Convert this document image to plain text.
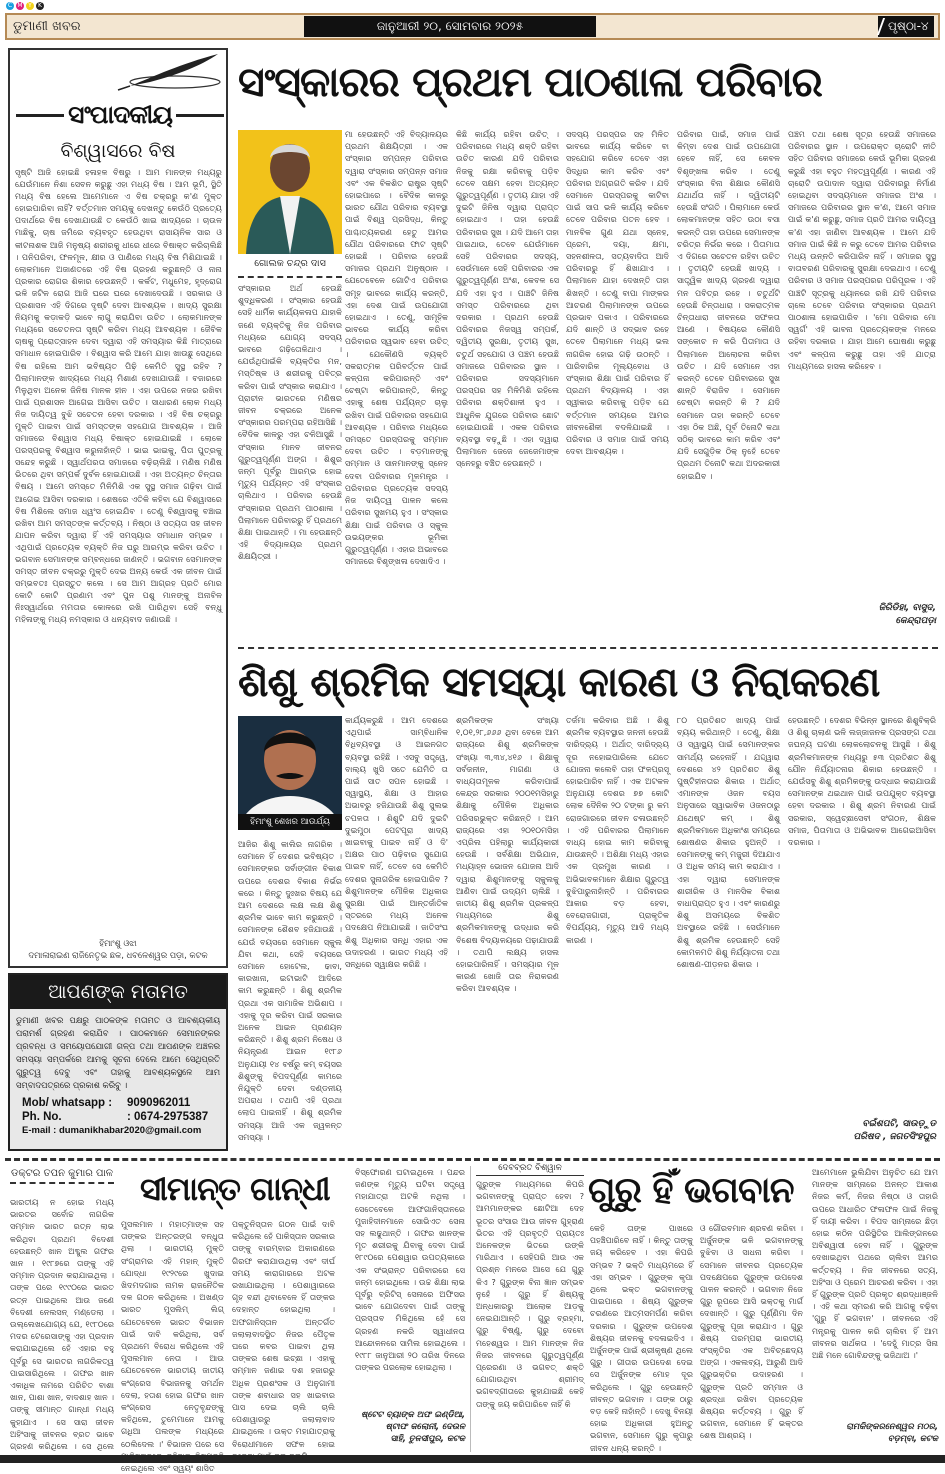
C M Y	K
ଡୁମାଣୀ ଖବର	ଜାନୁଆରୀ ୨୦, ସୋମବାର ୨୦୨୫	ପୃଷ୍ଠା-୪
ସଂପାଦକୀୟ
ବିଶ୍ୱାସରେ ବିଷ
ସୃଷ୍ଟି ଆଜି ହୋଇଛି ହଳାହଳ ବିଷରୁ । ଆମ ମାନଙ୍କ ମଧ୍ୟରୁ ଯେଉଁମାନେ ନିଶା ସେବନ କରୁଛୁ ଏହା ମଧ୍ୟ ବିଷ । ଆମ ଭୂମି, ସ୍ଥିତି ମଧ୍ୟ ବିଷ ହେଲେ ଆମେମାନେ ଏ ବିଷ ଚକ୍ରରୁ କ'ଣ ମୁକ୍ତ ହୋଇପାରିବା ନାହିଁ? ବର୍ତ୍ତମାନ ସମୟକୁ ଦେଖନ୍ତୁ କେଉଁଠି ପ୍ରତ୍ୟେ ପଦାର୍ଥରେ ବିଷ ଦେଖାଯାଉଛି ତ କେଉଁଠି ଖାଇ ଖାଦ୍ୟରେ । ଚାଉଳ ମାଛିକୁ, ଚାଷ ଜମିରେ ବ୍ୟବହୃତ ହେଉଥିବା ରାସାୟନିକ ସାର ଓ କୀଟନାଶକ ଆଜି ମନୁଷ୍ୟ ଶରୀରକୁ ଧୀରେ ଧୀରେ ବିଷାକ୍ତ କରିଚାଲିଛି । ପନିପରିବା, ଫଳମୂଳ, କ୍ଷୀର ଓ ପାଣିରେ ମଧ୍ୟ ବିଷ ମିଶିଯାଇଛି । ଲୋକମାନେ ଅଜାଣତରେ ଏହି ବିଷ ଗ୍ରହଣ କରୁଛନ୍ତି ଓ ନାନା ପ୍ରକାର ରୋଗର ଶିକାର ହେଉଛନ୍ତି । କର୍କଟ, ମଧୁମେହ, ହୃଦ୍‌ରୋଗ ଭଳି ଜଟିଳ ରୋଗ ଆଜି ଘରେ ଘରେ ଦେଖାଦେଉଛି । ସରକାର ଓ ପ୍ରଶାସନ ଏହି ଦିଗରେ ଦୃଷ୍ଟି ଦେବା ଆବଶ୍ୟକ । ଖାଦ୍ୟ ସୁରକ୍ଷା ନିୟମକୁ କଡ଼ାକଡ଼ି ଭାବେ ଲାଗୁ କରାଯିବା ଉଚିତ । ଲୋକମାନଙ୍କ ମଧ୍ୟରେ ସଚେତନତା ସୃଷ୍ଟି କରିବା ମଧ୍ୟ ଆବଶ୍ୟକ । ଜୈବିକ ଚାଷକୁ ପ୍ରୋତ୍ସାହନ ଦେବା ଦ୍ୱାରା ଏହି ସମସ୍ୟାର କିଛି ମାତ୍ରାରେ ସମାଧାନ ହୋଇପାରିବ । ବିଶ୍ୱାସ କରି ଆମେ ଯାହା ଖାଉଛୁ ସେଥିରେ ବିଷ ରହିଲେ ଆମ ଭବିଷ୍ୟତ ପିଢ଼ି କେମିତି ସୁସ୍ଥ ରହିବ ? ପିଲାମାନଙ୍କ ଖାଦ୍ୟରେ ମଧ୍ୟ ମିଶାଣ ଦେଖାଯାଉଛି । ବଜାରରେ ମିଳୁଥିବା ଅନେକ ଜିନିଷ ମାନକ ହୀନ । ଏହା ଉପରେ ନଜର ରଖିବା ପାଇଁ ପ୍ରଶାସନ ଆଗେଇ ଆସିବା ଉଚିତ । ସାଧାରଣ ଲୋକ ମଧ୍ୟ ନିଜ ଦାୟିତ୍ୱ ବୁଝି ସଚେତନ ହେବା ଦରକାର । ଏହି ବିଷ ଚକ୍ରରୁ ମୁକ୍ତି ପାଇବା ପାଇଁ ସମସ୍ତଙ୍କ ସହଯୋଗ ଆବଶ୍ୟକ । ଆଜି ସମାଜରେ ବିଶ୍ୱାସ ମଧ୍ୟ ବିଷାକ୍ତ ହୋଇଯାଇଛି । ଲୋକେ ପରସ୍ପରକୁ ବିଶ୍ୱାସ କରୁନାହାଁନ୍ତି । ଭାଇ ଭାଇକୁ, ପିତା ପୁତ୍ରକୁ ସନ୍ଦେହ କରୁଛି । ସ୍ୱାର୍ଥପରତା ସମାଜରେ ବଢ଼ିଚାଲିଛି । ମଣିଷ ମଣିଷ ଭିତରେ ଥିବା ସମ୍ପର୍କ ଦୁର୍ବଳ ହୋଇଯାଉଛି । ଏହା ଅତ୍ୟନ୍ତ ଚିନ୍ତାର ବିଷୟ । ଆମେ ସମସ୍ତେ ମିଳିମିଶି ଏକ ସୁସ୍ଥ ସମାଜ ଗଢ଼ିବା ପାଇଁ ଆଗେଇ ଆସିବା ଦରକାର । ଶେଷରେ ଏତିକି କହିବା ଯେ ବିଶ୍ୱାସରେ ବିଷ ମିଶିଲେ ସମାଜ ଧ୍ୱଂସ ହୋଇଯିବ । ତେଣୁ ବିଶ୍ୱାସକୁ ବଞ୍ଚାଇ ରଖିବା ଆମ ସମସ୍ତଙ୍କ କର୍ତ୍ତବ୍ୟ । ନିଷ୍ଠା ଓ ସତ୍ୟତା ସହ ଜୀବନ ଯାପନ କରିବା ଦ୍ୱାରା ହିଁ ଏହି ସମସ୍ୟାର ସମାଧାନ ସମ୍ଭବ । ଏଥିପାଇଁ ପ୍ରତ୍ୟେକ ବ୍ୟକ୍ତି ନିଜ ଘରୁ ଆରମ୍ଭ କରିବା ଉଚିତ । ଭଗବାନ ସେମାନଙ୍କ ସମ୍ବନ୍ଧରେ ଜାଣନ୍ତି । ଭଗବାନ ସେମାନଙ୍କ ସମସ୍ତ ଜୀବନ ଚକ୍ରରୁ ମୁକ୍ତି ଦେଇ ଅନ୍ୟ କେଉଁ ଏକ ଜୀବନ ପାଇଁ ସମ୍ଭବତଃ ପ୍ରସ୍ତୁତ କଲେ । ସେ ଆମ ଆଗ୍ରହ ପ୍ରତି ମୋର କୋଟି କୋଟି ପ୍ରଣାମ ଏବଂ ପୁନ ପଶୁ ମାନଙ୍କୁ ଅନାବିଳ ନିଃସ୍ୱାର୍ଥରେ ମମତାର କୋଳରେ ରଖି ପାରିଥିବା ସେହି ବନ୍ଧୁ ମହିଳାଙ୍କୁ ମଧ୍ୟ ନମସ୍କାର ଓ ଧନ୍ୟବାଦ ଜଣାଉଛି ।
ହିମାଂଶୁ ଓଝା
ଦମାଳାରାଇଣ ରାଜିନେତୃଭ ଛକ, ଧବଳେଶ୍ୱର ପଡ଼ା, କଟକ
ଆପଣଙ୍କ ମତାମତ
ଡୁମାଣୀ ଖବର ପକ୍ଷରୁ ପାଠକଙ୍କ ମତାମତ ଓ ଆବଶ୍ୟକୀୟ ପରାମର୍ଶ ଗ୍ରହଣ କରାଯିବ । ପାଠକମାନେ ସେମାନଙ୍କର ପ୍ରବନ୍ଧ ଓ ସମୟୋପଯୋଗୀ ଗଳ୍ପ ତଥା ଆପଣଙ୍କ ଅଞ୍ଚଳର ସମସ୍ୟା ସମ୍ପର୍କରେ ଆମକୁ ସୂଚନା ଦେଲେ ଆମେ ସେଥିପ୍ରତି ଗୁରୁତ୍ୱ ଦେବୁ ଏବଂ ତାହାକୁ ଆବଶ୍ୟକସ୍ଥଳେ ଆମ ସମ୍ବାଦପତ୍ରରେ ପ୍ରକାଶ କରିବୁ ।
Mob/ whatsapp :	9090962011
Ph. No.	: 0674-2975387
E-mail : dumanikhabar2020@gmail.com
ସଂସ୍କାରର ପ୍ରଥମ ପାଠଶାଳା ପରିବାର
ଗୋଲକ ଚନ୍ଦ୍ର ଦାସ
ସଂସ୍କାରର ଅର୍ଥ ହେଉଛି ଶୁଦ୍ଧିକରଣ । ସଂସ୍କାର ହେଉଛି ସେହି ଧାର୍ମିକ କାର୍ଯ୍ୟକଳାପ ଯାହାକି ଜଣେ ବ୍ୟକ୍ତିକୁ ନିଜ ପରିବାର ମଧ୍ୟରେ ଯୋଗ୍ୟ ସଦସ୍ୟ ଭାବରେ ଗଢ଼ିତୋଳିଥାଏ । ଯେଉଁଥିପାଇଁକି ବ୍ୟକ୍ତିର ମନ, ମସ୍ତିଷ୍କ ଓ ଶରୀରକୁ ପବିତ୍ର କରିବା ପାଇଁ ସଂସ୍କାର କରାଯାଏ । ପ୍ରାଚୀନ ଭାରତରେ ମଣିଷର ଜୀବନ ଚକ୍ରରେ ଅନେକ ସଂସ୍କାରର ପରମ୍ପରା ରହିଆସିଛି । ବୈଦିକ କାଳରୁ ଏହା ଚଳିଆସୁଛି । ସଂସ୍କାର ମାନବ ଜୀବନର ଗୁରୁତ୍ୱପୂର୍ଣ୍ଣ ଅଙ୍ଗ । ଶିଶୁର ଜନ୍ମ ପୂର୍ବରୁ ଆରମ୍ଭ ହୋଇ ମୃତ୍ୟୁ ପର୍ଯ୍ୟନ୍ତ ଏହି ସଂସ୍କାର ଚାଲିଥାଏ । ପରିବାର ହେଉଛି ସଂସ୍କାରର ପ୍ରଥମ ପାଠଶାଳା । ପିଲାମାନେ ପରିବାରରୁ ହିଁ ପ୍ରଥମେ ଶିକ୍ଷା ପାଇଥାନ୍ତି । ମା ହେଉଛନ୍ତି ଏହି ବିଦ୍ୟାଳୟର ପ୍ରଥମ ଶିକ୍ଷୟିତ୍ରୀ ।
ମା ହେଉଛନ୍ତି ଏହି ବିଦ୍ୟାଳୟର ପ୍ରଥମ ଶିକ୍ଷୟିତ୍ରୀ । ଏକ ସଂସ୍କାର ସମ୍ପନ୍ନ ପରିବାର ଦ୍ୱାରା ସଂସ୍କାର ସମ୍ପନ୍ନ ସମାଜ ଏବଂ ଏକ ବିକଶିତ ରାଷ୍ଟ୍ର ସୃଷ୍ଟି ହୋଇପାରେ । ବୈଦିକ କାଳରୁ ଭାରତ ଯୌଥ ପରିବାର ବ୍ୟବସ୍ଥା ପାଇଁ ବିଶ୍ୱ ପ୍ରସିଦ୍ଧ, କିନ୍ତୁ ପାଶ୍ଚାତ୍ୟକରଣ ହେତୁ ଆମର ଯୌଥ ପରିବାରରେ ଫାଟ ସୃଷ୍ଟି ହୋଇଛି । ପରିବାର ହେଉଛି ସମାଜର ପ୍ରଥମ ଅନୁଷ୍ଠାନ । ଯେତେବେଳେ ଗୋଟିଏ ପରିବାର ସମୂହ ଭାବରେ କାର୍ଯ୍ୟ କରନ୍ତି, ଏହା ଦେଶ ପାଇଁ ଉପଯୋଗୀ ହୋଇଥାଏ । ତେଣୁ, ସାମୂହିକ ଭାବରେ କାର୍ଯ୍ୟ କରିବା ପରିବାରର ସ୍ୱଭାବ ହେବା ଉଚିତ୍ । ଯେକୌଣସି ବ୍ୟକ୍ତି ସକରାତ୍ମକ ପରିବର୍ତ୍ତନ ପାଇଁ କଳ୍ପନା କରିପାରନ୍ତି ଏବଂ ଚେଷ୍ଟା କରିପାରନ୍ତି, କିନ୍ତୁ ଏହାକୁ ଶେଷ ପର୍ଯ୍ୟନ୍ତ ଚାଲୁ ରଖିବା ପାଇଁ ପରିବାରର ସହଯୋଗ ଆବଶ୍ୟକ । ପରିବାର ମଧ୍ୟରେ ସମସ୍ତେ ପରସ୍ପରକୁ ସମ୍ମାନ ଦେବା ଉଚିତ । ବଡ଼ମାନଙ୍କୁ ସମ୍ମାନ ଓ ସାନମାନଙ୍କୁ ସ୍ନେହ ଦେବା ପରିବାରର ମୂଳମନ୍ତ୍ର । ପରିବାରର ପ୍ରତ୍ୟେକ ସଦସ୍ୟ ନିଜ ଦାୟିତ୍ୱ ପାଳନ କଲେ ପରିବାର ସୁଖମୟ ହୁଏ । ସଂସ୍କାର ଶିକ୍ଷା ପାଇଁ ପରିବାର ଓ ସ୍କୁଲ ଉଭୟଙ୍କର ଭୂମିକା ଗୁରୁତ୍ୱପୂର୍ଣ୍ଣ । ଏହାର ଅଭାବରେ ସମାଜରେ ବିଶୃଙ୍ଖଳା ଦେଖାଦିଏ ।
କିଛି କାର୍ଯ୍ୟ ରହିବା ଉଚିତ୍ । ପରିବାରରେ ମଧ୍ୟ ଶକ୍ତି ରହିବା ଉଚିତ କାରଣ ଯଦି ପରିବାର ନିଜକୁ ରକ୍ଷା କରିବାକୁ ପଡ଼ିବ ତେବେ ସକ୍ଷମ ହେବା ଅତ୍ୟନ୍ତ ଗୁରୁତ୍ୱପୂର୍ଣ୍ଣ । ତୃତୀୟ ଯାହା ଏହି ଦୁଇଟି ଜିନିଷ ଦ୍ୱାରା ପ୍ରାପ୍ତ ହୋଇଥାଏ । ତାହା ହେଉଛି ପରିବାରର ସୁଖ । ଯଦି ଆମେ ତାହା ପାଇଥାଉ, ତେବେ ଯେଉଁମାନେ ସେହି ପରିବାରର ସଦସ୍ୟ, ସେଉଁମାନେ ସେହି ପରିବାରର ଏକ ଗୁରୁତ୍ୱପୂର୍ଣ୍ଣ ଅଂଶ, କେବଳ ସେ ଯଦି ଏହା ହୁଏ । ପାଞ୍ଚଟି ଜିନିଷ ସମସ୍ତ ପରିବାରରେ ଥିବା ଦରକାର । ପ୍ରଥମ ହେଉଛି ପରିବାରର ନିଜସ୍ୱ ସମ୍ପର୍କ, ଦ୍ୱିତୀୟ ସୁରକ୍ଷା, ତୃତୀୟ ସୁଖ, ଚତୁର୍ଥ ସହଯୋଗ ଓ ପଞ୍ଚମ ହେଉଛି ସମାଜରେ ପରିବାରର ସ୍ଥାନ । ପରିବାରର ସଦସ୍ୟମାନେ ପରସ୍ପର ସହ ମିଳିମିଶି ରହିଲେ ପରିବାର ଶକ୍ତିଶାଳୀ ହୁଏ । ଆଧୁନିକ ଯୁଗରେ ପରିବାର ଛୋଟ ହୋଇଯାଉଛି । ଏକକ ପରିବାର ବ୍ୟବସ୍ଥା ବଢ଼ୁଛି । ଏହା ଦ୍ୱାରା ପିଲାମାନେ ଜେଜେ ଜେଜେମାଙ୍କ ସ୍ନେହରୁ ବଞ୍ଚିତ ହେଉଛନ୍ତି ।
ସଦସ୍ୟ ପରସ୍ପର ସହ ମିଳିତ ଭାବରେ କାର୍ଯ୍ୟ କରିବେ ବା ସହଯୋଗ କରିବେ ତେବେ ଏହା ସିଦ୍ଧିର କାମ କରିବ ଏବଂ ପରିବାର ଅଗ୍ରଗତି କରିବ । ଯଦି ସେମାନେ ପରସ୍ପରକୁ କାଟିବା ପାଇଁ ସାପ ଭଳି କାର୍ଯ୍ୟ କରିବେ ତେବେ ପରିବାର ପତନ ହେବ । ମାନବିକ ଗୁଣ ଯଥା ସ୍ନେହ, ପ୍ରେମ, ଦୟା, କ୍ଷମା, ସହନଶୀଳତା, ସତ୍ୟବାଦିତା ଆଦି ପରିବାରରୁ ହିଁ ଶିଖାଯାଏ । ପିଲାମାନେ ଯାହା ଦେଖନ୍ତି ତାହା ଶିଖନ୍ତି । ତେଣୁ ବାପା ମାଙ୍କର ଆଚରଣ ପିଲାମାନଙ୍କ ଉପରେ ପ୍ରଭାବ ପକାଏ । ପରିବାରରେ ଯଦି ଶାନ୍ତି ଓ ସଦ୍ଭାବ ରହେ ତେବେ ପିଲାମାନେ ମଧ୍ୟ ଭଲ ନାଗରିକ ହୋଇ ଗଢ଼ି ଉଠନ୍ତି । ପାରିବାରିକ ମୂଲ୍ୟବୋଧ ଓ ସଂସ୍କାର ଶିକ୍ଷା ପାଇଁ ପରିବାର ହିଁ ପ୍ରଥମ ବିଦ୍ୟାଳୟ । ଏହା ସ୍ୱୀକାର କରିବାକୁ ପଡ଼ିବ ଯେ ବର୍ତ୍ତମାନ ସମୟରେ ଆମର ଜୀବନଶୈଳୀ ବଦଳିଯାଇଛି । ପରିବାର ଓ ସମାଜ ପାଇଁ ସମୟ ଦେବା ଆବଶ୍ୟକ ।
ପରିବାର ପାଇଁ, ସମାଜ ପାଇଁ କିମ୍ବା ଦେଶ ପାଇଁ ଉପଯୋଗୀ ହେବେ ନାହିଁ, ସେ କେବଳ ବିଶୃଙ୍ଖଳା କରିବ । ତେଣୁ ସଂସ୍କାର ବିନା ଶିକ୍ଷାର କୌଣସି ଯଥାର୍ଥତା ନାହିଁ । ଦ୍ୱିତୀୟଟି ହେଉଛି ସଂଗତି । ପିଲାମାନେ କେଉଁ ଲୋକମାନଙ୍କ ସହିତ ଉଠା ବସା କରନ୍ତି ତାହା ଉପରେ ସେମାନଙ୍କ ଚରିତ୍ର ନିର୍ଭର କରେ । ପିତାମାତା ଏ ଦିଗରେ ସଚେତନ ରହିବା ଉଚିତ । ତୃତୀୟଟି ହେଉଛି ଖାଦ୍ୟ । ସାତ୍ତ୍ୱିକ ଖାଦ୍ୟ ଗ୍ରହଣ ଦ୍ୱାରା ମନ ପବିତ୍ର ରହେ । ଚତୁର୍ଥଟି ହେଉଛି ଚିନ୍ତାଧାରା । ସକରାତ୍ମକ ଚିନ୍ତାଧାରା ଜୀବନରେ ସଫଳତା ଆଣେ । ବିଷୟରେ କୌଣସି ସଙ୍କୋଚ ନ କରି ପିତାମାତା ଓ ପିଲାମାନେ ଆଲୋଚନା କରିବା ଉଚିତ । ଯଦି ସେମାନେ ଏହା କରନ୍ତି ତେବେ ପରିବାରରେ ସୁଖ ଶାନ୍ତି ବିରାଜିବ । ସେମାନେ ଚେଷ୍ଟା କରନ୍ତି କି ? ଯଦି ସେମାନେ ତାହା କରନ୍ତି ତେବେ ଏହା ଠିକ ଅଛି, ପୂର୍ବ ତିନୋଟି କଥା ସଠିକ୍ ଭାବରେ କାମ କରିବ ଏବଂ ଯଦି ସେଗୁଡ଼ିକ ଠିକ୍ ନୁହେଁ ତେବେ ପ୍ରଥମ ତିନୋଟି କଥା ଅଦରକାରୀ ହୋଇଯିବ ।
ପଞ୍ଚମ ତଥା ଶେଷ ସୂତ୍ର ହେଉଛି ସମାଜରେ ପରିବାରର ସ୍ଥାନ । ଉପରୋକ୍ତ ଚାରୋଟି ନୀତି ସହିତ ପରିବାର ସମାଜରେ କେଉଁ ଭୂମିକା ଗ୍ରହଣ କରୁଛି ଏହା ବହୁତ ମହତ୍ୱପୂର୍ଣ୍ଣ । କାରଣ ଏହି ଚାରୋଟି ଉପାଦାନ ଦ୍ୱାରା ପରିବାରରୁ ନିର୍ମାଣ ହୋଇଥିବା ସଦସ୍ୟମାନେ ସମାଜର ଅଂଶ । ସମାଜରେ ପରିବାରର ସ୍ଥାନ କ'ଣ, ଆମେ ସମାଜ ପାଇଁ କ'ଣ କରୁଛୁ, ସମାଜ ପ୍ରତି ଆମର ଦାୟିତ୍ୱ କ'ଣ ଏହା ଜାଣିବା ଆବଶ୍ୟକ । ଆମେ ଯଦି ସମାଜ ପାଇଁ କିଛି ନ କରୁ ତେବେ ଆମର ପରିବାର ମଧ୍ୟ ଉନ୍ନତି କରିପାରିବ ନାହିଁ । ସମାଜର ସୁସ୍ଥ ବାତାବରଣ ପରିବାରକୁ ସୁରକ୍ଷା ଦେଇଥାଏ । ତେଣୁ ପରିବାର ଓ ସମାଜ ପରସ୍ପରର ପରିପୂରକ । ଏହି ପାଞ୍ଚଟି ସୂତ୍ରକୁ ଧ୍ୟାନରେ ରଖି ଯଦି ପରିବାର ଚାଲେ ତେବେ ପରିବାର ସଂସ୍କାରର ପ୍ରଥମ ପାଠଶାଳା ହୋଇପାରିବ । 'ମୋ ପରିବାର ମୋ ସ୍ୱର୍ଗ' ଏହି ଭାବନା ପ୍ରତ୍ୟେକଙ୍କ ମନରେ ରହିବା ଦରକାର । ଯାହା ଆମେ ଘୋଷଣା କରୁଛୁ ଏବଂ କଳ୍ପନା କରୁଛୁ ତାହା ଏହି ଯାତ୍ରା ମାଧ୍ୟମରେ ହାସଲ କରିହେବ ।
ଜିରିଡିହା, ବାସୁଦ,
କେନ୍ଦ୍ରାପଡ଼ା
ଶିଶୁ ଶ୍ରମିକ ସମସ୍ୟା କାରଣ ଓ ନିରାକରଣ
ହିମାଂଶୁ ଶେଖର ଆଉର୍ଯ୍ୟ
ଆଜିର ଶିଶୁ କାଲିର ନାଗରିକ । ସେମାନେ ହିଁ ଦେଶର ଭବିଷ୍ୟତ । ସେମାନଙ୍କର ସର୍ବାଙ୍ଗୀନ ବିକାଶ ଉପରେ ଦେଶର ବିକାଶ ନିର୍ଭର କରେ । କିନ୍ତୁ ଦୁଃଖର ବିଷୟ ଯେ ଆମ ଦେଶରେ ଲକ୍ଷ ଲକ୍ଷ ଶିଶୁ ଶ୍ରମିକ ଭାବେ କାମ କରୁଛନ୍ତି । ସେମାନଙ୍କ ଶୈଶବ ହଜିଯାଉଛି । ଯେଉଁ ବୟସରେ ସେମାନେ ସ୍କୁଲ ଯିବା କଥା, ସେହି ବୟସରେ ସେମାନେ ହୋଟେଲ, ଢାବା, କାରଖାନା, ଇଟାଭାଟି ଆଦିରେ କାମ କରୁଛନ୍ତି । ଶିଶୁ ଶ୍ରମିକ ପ୍ରଥା ଏକ ସାମାଜିକ ଅଭିଶାପ । ଏହାକୁ ଦୂର କରିବା ପାଇଁ ସରକାର ଅନେକ ଆଇନ ପ୍ରଣୟନ କରିଛନ୍ତି । ଶିଶୁ ଶ୍ରମ ନିଷେଧ ଓ ନିୟନ୍ତ୍ରଣ ଆଇନ ୧୯୮୬ ଅନୁଯାୟୀ ୧୪ ବର୍ଷରୁ କମ୍ ବୟସର ଶିଶୁଙ୍କୁ ବିପଦପୂର୍ଣ୍ଣ କାମରେ ନିଯୁକ୍ତି ଦେବା ଦଣ୍ଡନୀୟ ଅପରାଧ । ତଥାପି ଏହି ପ୍ରଥା ଲୋପ ପାଇନାହିଁ । ଶିଶୁ ଶ୍ରମିକ ସମସ୍ୟା ଆଜି ଏକ ଜ୍ୱଳନ୍ତ ସମସ୍ୟା ।
କାର୍ଯ୍ୟକରୁଛି । ଆମ ଦେଶରେ ଏଥିପାଇଁ ସାମ୍ବିଧାନିକ ବିଧିବ୍ୟବସ୍ଥା ଓ ଆଇନଗତ ବ୍ୟବସ୍ଥା ରହିଛି । ଏସବୁ ସତ୍ତ୍ୱେ, ବାଲ୍ୟ ଖୁସି ସତେ ଯେମିତି ତା ପାଇଁ ସାତ ସପନ ହୋଇଛି । ସ୍ୱାସ୍ଥ୍ୟ, ଶିକ୍ଷା ଓ ଆହାର ଅଭାବରୁ ହଜିଯାଉଛି ଶିଶୁ ସୁଲଭ ଚପଳତା । ଶିଶୁଟି ଯଦି ଦୁଇଟି ଦୁଇମୁଠା ପେଟପୂରା ଖାଦ୍ୟ ଖାଇବାକୁ ପାଇବ ନାହିଁ ଓ ଦି' ଅକ୍ଷର ପାଠ ପଢ଼ିବାର ସୁଯୋଗ ପାଇବ ନାହିଁ, ତେବେ ସେ କେମିତି ଦେଶର ସୁନାଗରିକ ହୋଇପାରିବ ? ଶିଶୁମାନଙ୍କ ମୌଳିକ ଅଧିକାର ସୁରକ୍ଷା ପାଇଁ ଆନ୍ତର୍ଜାତିକ ସ୍ତରରେ ମଧ୍ୟ ଅନେକ ପଦକ୍ଷେପ ନିଆଯାଇଛି । ଜାତିସଂଘ ଶିଶୁ ଅଧିକାର ସନ୍ଧି ଏହାର ଏକ ଉଦାହରଣ । ଭାରତ ମଧ୍ୟ ଏହି ସନ୍ଧିରେ ସ୍ୱାକ୍ଷର କରିଛି ।
ଶ୍ରମିକଙ୍କ ସଂଖ୍ୟା ୧,୦୧,୨୮,୬୬୬ ଥିବା ବେଳେ ଆମ ରାଜ୍ୟରେ ଶିଶୁ ଶ୍ରମିକଙ୍କ ସଂଖ୍ୟା ୩,୩୪,୪୧୬ । ଶିକ୍ଷାକୁ ସର୍ବଜନୀନ, ମାଗଣା ଓ ବାଧ୍ୟତାମୂଳକ କରିବାପାଇଁ କେନ୍ଦ୍ର ସରକାର ୨୦୦୧ମସିହାରୁ ଶିକ୍ଷାକୁ ମୌଳିକ ଅଧିକାର ପରିସରଭୁକ୍ତ କରିଛନ୍ତି । ଆମ ରାଜ୍ୟରେ ଏହା ୨୦୧୦ମସିହା ଏପ୍ରିଲ ପହିଲାରୁ କାର୍ଯ୍ୟକାରୀ ହେଉଛି । ସର୍ବଶିକ୍ଷା ଅଭିଯାନ, ମଧ୍ୟାହ୍ନ ଭୋଜନ ଯୋଜନା ଆଦି ଦ୍ୱାରା ଶିଶୁମାନଙ୍କୁ ସ୍କୁଲକୁ ଆଣିବା ପାଇଁ ଉଦ୍ୟମ ଚାଲିଛି । ଜାତୀୟ ଶିଶୁ ଶ୍ରମିକ ପ୍ରକଳ୍ପ ମାଧ୍ୟମରେ ଶିଶୁ ଶ୍ରମିକମାନଙ୍କୁ ଉଦ୍ଧାର କରି ବିଶେଷ ବିଦ୍ୟାଳୟରେ ପଢ଼ାଯାଉଛି । ତଥାପି ଲକ୍ଷ୍ୟ ହାସଲ ହୋଇପାରିନାହିଁ । ସମସ୍ୟାର ମୂଳ କାରଣ ଖୋଜି ତାର ନିରାକରଣ କରିବା ଆବଶ୍ୟକ ।
ତର୍ଜମା କରିବାର ଅଛି । ଶିଶୁ ଶ୍ରମିକ ବ୍ୟବସ୍ଥାର ଜନନୀ ହେଉଛି ଦାରିଦ୍ର୍ୟ । ଅର୍ଥାତ୍ ଦାରିଦ୍ର୍ୟ ଦୂର ନହୋଇପାରିଲେ ଯେତେ ଯୋଜନା କଲେବି ତାହା ଫଳପ୍ରସୂ ହୋଇପାରିବ ନାହିଁ । ଏକ ଅଟକଳ ଅନୁଯାୟୀ ଦେଶର ୭୭ କୋଟି ଲୋକ ଦୈନିକ ୨୦ ଟଙ୍କା ରୁ କମ ରୋଜଗାରରେ ଜୀବନ ଚଳାଉଛନ୍ତି । ଏହି ପରିବାରର ପିଲାମାନେ ବାଧ୍ୟ ହୋଇ କାମ କରିବାକୁ ଯାଉଛନ୍ତି । ଅଶିକ୍ଷା ମଧ୍ୟ ଏହାର ଏକ ପ୍ରମୁଖ କାରଣ । ଅଭିଭାବକମାନେ ଶିକ୍ଷାର ଗୁରୁତ୍ୱ ବୁଝିପାରୁନାହାଁନ୍ତି । ପରିବାରର ଆକାର ବଡ଼ ହେବା, ବେରୋଜଗାରୀ, ପ୍ରାକୃତିକ ବିପର୍ଯ୍ୟୟ, ମୃତ୍ୟୁ ଆଦି ମଧ୍ୟ କାରଣ ।
୮୦ ପ୍ରତିଶତ ଖାଦ୍ୟ ପାଇଁ ବ୍ୟୟ କରିଥାନ୍ତି । ତେଣୁ, ଶିକ୍ଷା ଓ ସ୍ୱାସ୍ଥ୍ୟ ପାଇଁ ସେମାନଙ୍କର ସାମର୍ଥ୍ୟ ରହେନାହିଁ । ଯଦ୍ଦ୍ୱାରା ଦେଶରେ ୪୨ ପ୍ରତିଶତ ଶିଶୁ ପୁଷ୍ଟିହୀନତାର ଶିକାର । ଅର୍ଥାତ୍ ଏମାନଙ୍କ ଓଜନ ବୟସ ଅନୁସାରେ ସ୍ୱାଭାବିକ ଓଜନଠାରୁ ଯଥେଷ୍ଟ କମ୍ । ଶିଶୁ ଶ୍ରମିକମାନେ ଅଧିକାଂଶ ସମୟରେ ଶୋଷଣର ଶିକାର ହୁଅନ୍ତି । ସେମାନଙ୍କୁ କମ୍ ମଜୁରୀ ଦିଆଯାଏ ଓ ଅଧିକ ସମୟ କାମ କରାଯାଏ । ଏହା ଦ୍ୱାରା ସେମାନଙ୍କ ଶାରୀରିକ ଓ ମାନସିକ ବିକାଶ ବାଧାପ୍ରାପ୍ତ ହୁଏ । ଏବଂ କାରଣରୁ ଶିଶୁ ଅସମୟରେ ବିକଶିତ ଅବସ୍ଥାରେ ରହିଛି । ସେଉଁମାନେ ଶିଶୁ ଶ୍ରମିକ ହେଉଛନ୍ତି ସେହି କୋମଳମତି ଶିଶୁ ନିର୍ଯ୍ୟାତନା ତଥା ଶୋଷଣ-ପୀଡ଼ନର ଶିକାର ।
ହେଉଛନ୍ତି । ଦେଶର ବିଭିନ୍ନ ସ୍ଥାନରେ ଶିଶୁବିକ୍ରି ଓ ଶିଶୁ ଚାଲାଣ ଭଳି ଲଜ୍ଜାଜନକ ପ୍ରସଙ୍ଗ ତଥା ଜଘନ୍ୟ ଘଟଣା ଲୋକଲୋଚନକୁ ଆସୁଛି । ଶିଶୁ ଶ୍ରମିକମାନଙ୍କ ମଧ୍ୟରୁ ୫୩ ପ୍ରତିଶତ ଶିଶୁ ଯୌନ ନିର୍ଯ୍ୟାତନାର ଶିକାର ହେଉଛନ୍ତି । ଯେଉଁସବୁ ଶିଶୁ ଶ୍ରମିକଙ୍କୁ ଉଦ୍ଧାର କରାଯାଉଛି ସେମାନଙ୍କ ଥଇଥାନ ପାଇଁ ଉପଯୁକ୍ତ ବ୍ୟବସ୍ଥା ହେବା ଦରକାର । ଶିଶୁ ଶ୍ରମ ନିବାରଣ ପାଇଁ ସରକାର, ସ୍ୱେଚ୍ଛାସେବୀ ସଂଗଠନ, ଶିକ୍ଷକ ସମାଜ, ପିତାମାତା ଓ ଅଭିଭାବକ ଆଗେଇଆସିବା ଦରକାର ।
ବଇଁଶପଟି, ସାଉଡ଼ୁଡ
ପରିଷଦ , ଜଗତସିଂହପୁର
ଡକ୍ଟର ତପନ କୁମାର ପାଳ ସୀମାନ୍ତ ଗାନ୍ଧୀ
ଭାରତୀୟ ନ ହୋଇ ମଧ୍ୟ ଭାରତର ସର୍ବୋଚ୍ଚ ନାଗରିକ ସମ୍ମାନ ଭାରତ ରତ୍ନ ଲାଭ କରିଥିବା ପ୍ରଥମ ବିଦେଶୀ ହେଉଛନ୍ତି ଖାନ ଅବ୍ଦୁଲ ଗଫର ଖାନ । ୧୯୮୭ରେ ତାଙ୍କୁ ଏହି ସମ୍ମାନ ପ୍ରଦାନ କରାଯାଇଥିଲା । ତାଙ୍କ ପରେ ୧୯୯୦ରେ ଭାରତ ରତ୍ନ ପାଇଥିଲେ ଆଉ ଜଣେ ବିଦେଶୀ ନେଲସନ୍ ମଣ୍ଡେଲା । ଉଲ୍ଲେଖଯୋଗ୍ୟ ଯେ, ୧୯୮୦ରେ ମଦର ଟେରେସାଙ୍କୁ ଏହା ପ୍ରଦାନ କରାଯାଇଥିଲେ ହେଁ ଏହାର ବହୁ ପୂର୍ବରୁ ସେ ଭାରତର ନାଗରିକତ୍ୱ ପାଇସାରିଥିଲେ । ଗଫର ଖାନ ଏକାଧିକ ନାମରେ ପରିଚିତ ବାଶା ଖାନ, ପାଶା ଖାନ, ବାଦଶାହ ଖାନ । ତାଙ୍କୁ ସୀମାନ୍ତ ଗାନ୍ଧୀ ମଧ୍ୟ କୁହାଯାଏ । ସେ ସାରା ଜୀବନ ଅହିଂସାକୁ ଜୀବନର ବ୍ରତ ଭାବେ ଗ୍ରହଣ କରିଥିଲେ । ସେ ଥିଲେ
ମୁସଲମାନ । ମହାତ୍ମାଙ୍କ ସହ ତାଙ୍କର ଅନ୍ତରଙ୍ଗ ବନ୍ଧୁତା ଥିଲା । ଭାରତୀୟ ମୁକ୍ତି ସଂଗ୍ରାମର ଏହି ମହାନ୍ ମୁକ୍ତି ଯୋଦ୍ଧା ୧୯୨୯ରେ ଖୁଦାଇ ଖିଦମଦଗାର ନାମକ ରାଜନୈତିକ ଦଳ ଗଠନ କରିଥିଲେ । ଅଖଣ୍ଡ ଭାରତ ମୁସଲିମ୍ ଲିଗ୍ ଯେତେବେଳେ ଭାରତ ବିଭାଜନ ପାଇଁ ଦାବି କରିଥିଲା, ସର୍ବ ପ୍ରଥମେ ବିରୋଧ କରିଥିଲେ ଏହି ମୁସଲମାନ ନେତା । ଆଉ ଯେତେବେଳେ ଭାରତୀୟ ଜାତୀୟ କଂଗ୍ରେସ ବିଭାଜନକୁ ସମର୍ଥନ ଦେଲା, ହତାଶ ହୋଇ ଗଫର ଖାନ କଂଗ୍ରେସ ନେତୃବୃନ୍ଦଙ୍କୁ କହିଥିଲେ, ତୁମେମାନେ ଆମକୁ ଗଧିଆ ପଲଙ୍କ ମଧ୍ୟରେ ଠେଲିଦେଲ ।' ବିଭାଜନ ପରେ ସେ ନେଇଥିଲେ ଏବଂ ସ୍ୱୟଂ ଶାସିତ
ପକ୍ତୁନିସ୍ତାନ ଗଠନ ପାଇଁ ଦାବି କରିଥିଲେ ହେଁ ପାକିସ୍ତାନ ସରକାର ତାଙ୍କୁ ବାରମ୍ବାର ଅକାରଣରେ ଗିରଫ କରାଯାଉଥିଲା ଏବଂ ଦୀର୍ଘ ସମୟ କାରାଗାରରେ ଅଟକ ରଖାଯାଇଥିଲା । ପେଶାୱାରରେ ଗୃହ ବନ୍ଦୀ ଥିବାବେଳେ ହିଁ ତାଙ୍କର ଦେହାନ୍ତ ହୋଇଥିଲା । ଅଫଗାନିସ୍ତାନ ଅନ୍ତର୍ଗତ ଜଲାଲାବାଦସ୍ଥିତ ନିଜର ପୈତୃକ ଘରେ କବର ପାଇବା ଥିଲା ତାଙ୍କର ଶେଷ ଇଚ୍ଛା । ଏହାକୁ ସମ୍ମାନ ଜଣାଇ ଦଶ ହଜାରରୁ ଅଧିକ ପ୍ରଶଂସକ ଓ ଅନୁଗାମୀ ତାଙ୍କ ଶବାଧାର ସହ ଖାଇବାର ପାସ ଦେଇ ଚାଲି ଚାଲି ପେଶାୱାରରୁ ଜଲାଲାବାଦ ଯାଇଥିଲେ । ଉକ୍ତ ମହାଯାତ୍ରାକୁ ବିରୋଧୀମାନେ ସଫଳ ହୋଇ
ବିସ୍ଫୋରଣ ଘଟାଇଥିଲେ । ପନ୍ଦର ଜଣଙ୍କ ମୃତ୍ୟୁ ଘଟିବା ସତ୍ତ୍ୱେ ମହାଯାତ୍ରା ଅଟକି ନଥିଲା । ସେତେବେଳେ ଆଫଗାନିସ୍ତାନରେ ମୁଜାହିଦୀନମାନେ ସୋଭିଏତ ସେନା ସହ ଲଢୁଥାନ୍ତି । ଗଫର ଖାନଙ୍କ ମୃତ ଶରୀରକୁ ଯିବାକୁ ଦେବା ପାଇଁ ୧୮୯୦ରେ ପେଶୱାର ଉପତ୍ୟକାରେ ଏକ ସଂଭ୍ରାନ୍ତ ପରିବାରରେ ସେ ଜନ୍ମ ହୋଇଥିଲେ । ଉଚ୍ଚ ଶିକ୍ଷା ଲାଭ ପୂର୍ବରୁ ବ୍ରିଟିସ୍ ସେନାରେ ଅଫିସର ଭାବେ ଯୋଗଦେବା ପାଇଁ ତାଙ୍କୁ ପ୍ରସ୍ତାବ ମିଳିଥିଲେ ହେଁ ସେ ଗ୍ରହଣ ନକରି ସ୍ୱାଧୀନତା ଆନ୍ଦୋଳନରେ ସାମିଲ ହୋଇଥିଲେ । ୧୯୮୮ ଜାନୁଆରୀ ୨୦ ତାରିଖ ଦିନରେ ତାଙ୍କର ପରଲୋକ ହୋଇଥିଲା ।
ଷ୍ଟେଟ ବ୍ୟାଙ୍କ ଅଫ ଇଣ୍ଡିଆ,
ଷ୍ଟାଫ କଲୋନୀ, ଦେଉଳ
ସାହି, ତୁଳସୀପୁର, କଟକ
ଦେବବ୍ରତ ବିଶ୍ୱାଳ
ଗୁରୁ ହିଁ ଭଗବାନ
ଗୁରୁଙ୍କ ମାଧ୍ୟମରେ କିପରି ଭଗବାନଙ୍କୁ ପ୍ରାପ୍ତ ହେବା ? ଆମମାନଙ୍କର ଛୋଟିଆ ଦେହ ଭୂତର ସଂସାର ଆଉ ଜୀବନ ଗୁହ୍ରାଣ ଭିତର ଏହି ପ୍ରବୃତ୍ତି ପ୍ରାୟତଃ ଅନେକଙ୍କ ଭିତରେ ଉଙ୍କି ମାରିଥାଏ । ସେହିପରି ଆଉ ଏକ ପ୍ରଶ୍ନ ମନରେ ଆସେ ଯେ ଗୁରୁ କିଏ ? ଗୁରୁଙ୍କ ବିନା ଜ୍ଞାନ ସମ୍ଭବ ନୁହେଁ । ଗୁରୁ ହିଁ ଶିଷ୍ୟକୁ ଅନ୍ଧକାରରୁ ଆଲୋକ ଆଡ଼କୁ ନେଇଯାଆନ୍ତି । ଗୁରୁ ବ୍ରହ୍ମା, ଗୁରୁ ବିଷ୍ଣୁ, ଗୁରୁ ଦେବୋ ମହେଶ୍ୱର । ଆମ ମାନଙ୍କ ନିଜ ନିଜର ଜୀବନରେ ଗୁରୁତ୍ୱପୂର୍ଣ୍ଣ ପ୍ରେରଣା ଓ ଭଗବତ୍ ଶକ୍ତି ଯୋଗାଉଥିବା ଶ୍ରୀମଦ୍ ଭଗବଦ୍‌ଗୀତାରେ କୁହାଯାଇଛି କେହି ତାଙ୍କୁ ଜୟ କରିପାରିବେ ନାହିଁ କି
କେହି ତାଙ୍କ ପାଖରେ ପହଞ୍ଚିପାରିବେ ନାହିଁ । କିନ୍ତୁ ତାଙ୍କୁ ଜୟ କରିହେବ । ଏହା କିପରି ସମ୍ଭବ ? ଭକ୍ତି ମାଧ୍ୟମରେ ହିଁ ଏହା ସମ୍ଭବ । ଗୁରୁଙ୍କ କୃପା ଥିଲେ ଭକ୍ତ ଭଗବାନଙ୍କୁ ପାଇପାରେ । ଶିଷ୍ୟ ଗୁରୁଙ୍କ ଚରଣରେ ଆତ୍ମସମର୍ପଣ କରିବା ଦରକାର । ଗୁରୁଙ୍କ ଉପଦେଶ ଶିଷ୍ୟର ଜୀବନକୁ ବଦଳାଇଦିଏ । ଅର୍ଜୁନଙ୍କ ପାଇଁ ଶ୍ରୀକୃଷ୍ଣ ଥିଲେ ଗୁରୁ । ଗୀତାର ଉପଦେଶ ଦେଇ ସେ ଅର୍ଜୁନଙ୍କ ମୋହ ଦୂର କରିଥିଲେ । ଗୁରୁ ହେଉଛନ୍ତି ଜୀବନ୍ତ ଭଗବାନ । ତାଙ୍କ ଠାରୁ ବଡ଼ କେହି ନାହାଁନ୍ତି । ଦେଖୁ ବିନୟୀ ହୋଇ ଅଧିକାରୀ ହୁଅନ୍ତୁ ଭଗବାନ, ସେମାନେ ଗୁରୁ କୃପାରୁ ଜୀବନ ଧନ୍ୟ କରନ୍ତି ।
ଓ ଗୌରବମାନ ଶ୍ରବଣ କରିବା । ଅର୍ଜୁନଙ୍କ ଭଳି ଭଗବାନଙ୍କୁ ବୁଝିବା ଓ ସାଧନା କରିବା । ସେମାନେ ଜୀବନର ପ୍ରତ୍ୟେକ ପଦକ୍ଷେପରେ ଗୁରୁଙ୍କ ଉପଦେଶ ପାଳନ କରନ୍ତି । ଭଗବାନ ନିଜେ ଗୁରୁ ରୂପରେ ଆସି ଭକ୍ତକୁ ମାର୍ଗ ଦେଖାନ୍ତି । ଗୁରୁ ପୂର୍ଣ୍ଣିମା ଦିନ ଗୁରୁଙ୍କୁ ପୂଜା କରାଯାଏ । ଗୁରୁ ଶିଷ୍ୟ ପରମ୍ପରା ଭାରତୀୟ ସଂସ୍କୃତିର ଏକ ଅବିଚ୍ଛେଦ୍ୟ ଅଙ୍ଗ । ଏକଲବ୍ୟ, ଆରୁଣି ଆଦି ଗୁରୁଭକ୍ତିର ଉଦାହରଣ । ଗୁରୁଙ୍କ ପ୍ରତି ସମ୍ମାନ ଓ ଶ୍ରଦ୍ଧା ରଖିବା ପ୍ରତ୍ୟେକ ଶିଷ୍ୟର କର୍ତ୍ତବ୍ୟ । ଗୁରୁ ହିଁ ଭଗବାନ, ସେମାନେ ହିଁ ଭକ୍ତର ଶେଷ ଆଶ୍ରୟ ।
ଆମେମାନେ ଭୁଲିଯିବା ଅନୁଚିତ ଯେ ଆମ ମାନଙ୍କ ସାମ୍ନାରେ ଅନନ୍ତ ଆକାଶ ନିଜର କର୍ମ, ନିଜର ନିଷ୍ଠା ଓ ତାହାରି ଉପରେ ଆଧାରିତ ଫଳାଫଳ ପାଇଁ ନିଜକୁ ହିଁ ଦାୟୀ କରିବା । ବିପଦ ସାମ୍ନାରେ ଛିଡ଼ା ହୋଇ କଠିନ ପରିସ୍ଥିତିର ଆଲିଙ୍ଗନରେ ଅବିଶ୍ୱାସୀ ହେବା ନାହିଁ । ଗୁରୁଙ୍କ ଦେଖାଇଥିବା ପଥରେ ଚାଲିବା ଆମର କର୍ତ୍ତବ୍ୟ । ନିଜ ଜୀବନରେ ସତ୍ୟ, ଅହିଂସା ଓ ପ୍ରେମ ଆଚରଣ କରିବା । ଏହା ହିଁ ଗୁରୁଙ୍କ ପ୍ରତି ପ୍ରକୃତ ଶ୍ରଦ୍ଧାଞ୍ଜଳି । ଏହି କଥା ସ୍ମରଣ କରି ଆଗକୁ ବଢ଼ିବା 'ଗୁରୁ ହିଁ ଭଗବାନ' । ଜୀବନରେ ଏହି ମନ୍ତ୍ରକୁ ପାଳନ କରି ଚାଲିବା ହିଁ ଆମ ଜୀବନର ସାର୍ଥକତା । 'ଦେହୁଁ ମାତ୍ର ସିନା ଅଛି ମନେ ଗୋବିନ୍ଦଙ୍କୁ ଭଜିଥାଅ ।'
ରାମକିଙ୍କରନେଶ୍ୱର ମଠର,
ବଡ଼ମ୍ବା, କଟକ
